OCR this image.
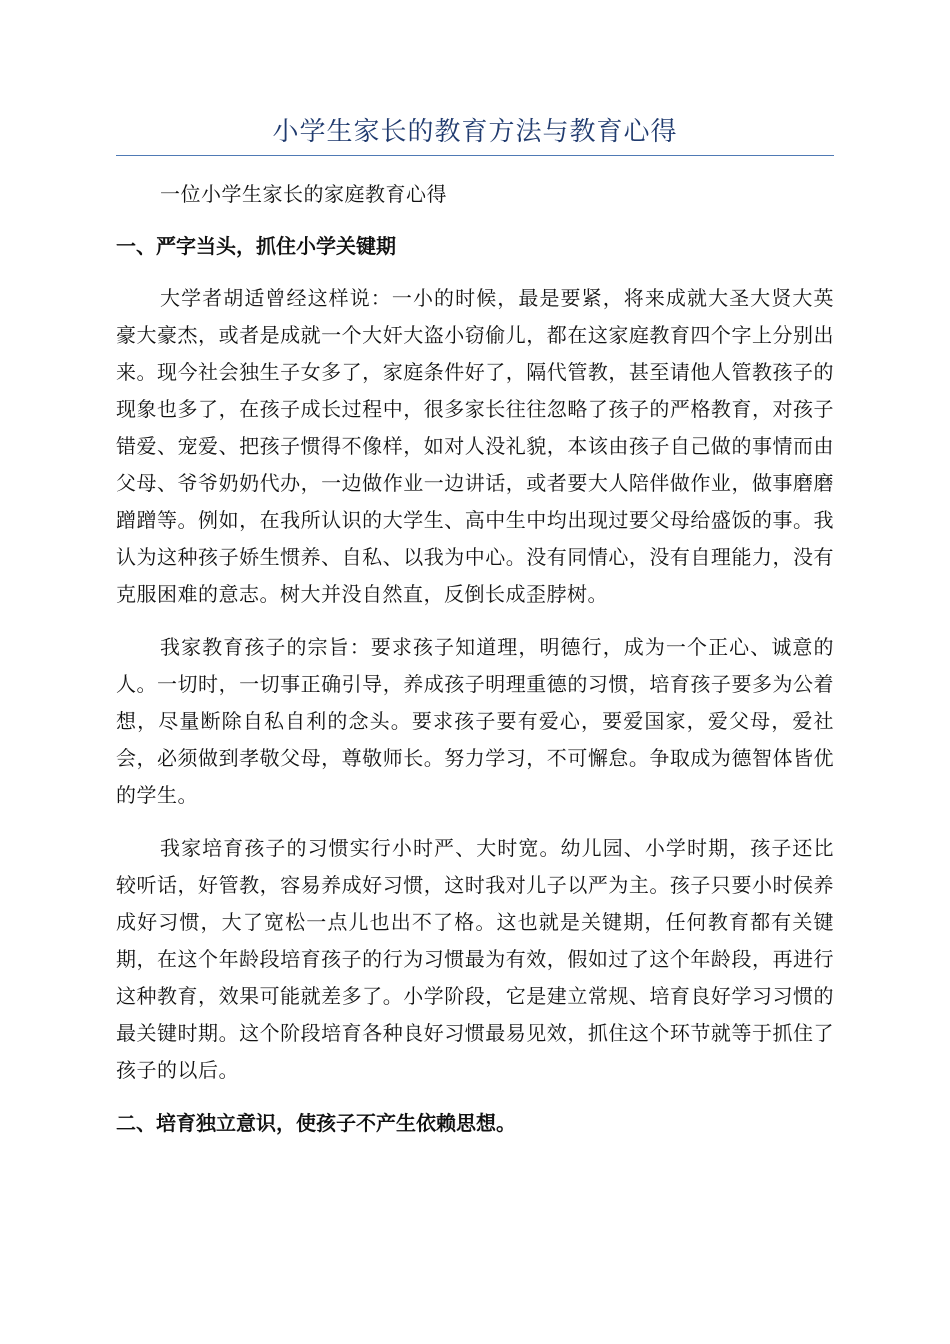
小学生家长的教育方法与教育心得

一位小学生家长的家庭教育心得

一、严字当头，抓住小学关键期

大学者胡适曾经这样说：一小的时候，最是要紧，将来成就大圣大贤大英豪大豪杰，或者是成就一个大奸大盗小窃偷儿，都在这家庭教育四个字上分别出来。现今社会独生子女多了，家庭条件好了，隔代管教，甚至请他人管教孩子的现象也多了，在孩子成长过程中，很多家长往往忽略了孩子的严格教育，对孩子错爱、宠爱、把孩子惯得不像样，如对人没礼貌，本该由孩子自己做的事情而由父母、爷爷奶奶代办，一边做作业一边讲话，或者要大人陪伴做作业，做事磨磨蹭蹭等。例如，在我所认识的大学生、高中生中均出现过要父母给盛饭的事。我认为这种孩子娇生惯养、自私、以我为中心。没有同情心，没有自理能力，没有克服困难的意志。树大并没自然直，反倒长成歪脖树。

我家教育孩子的宗旨：要求孩子知道理，明德行，成为一个正心、诚意的人。一切时，一切事正确引导，养成孩子明理重德的习惯，培育孩子要多为公着想，尽量断除自私自利的念头。要求孩子要有爱心，要爱国家，爱父母，爱社会，必须做到孝敬父母，尊敬师长。努力学习，不可懈怠。争取成为德智体皆优的学生。

我家培育孩子的习惯实行小时严、大时宽。幼儿园、小学时期，孩子还比较听话，好管教，容易养成好习惯，这时我对儿子以严为主。孩子只要小时侯养成好习惯，大了宽松一点儿也出不了格。这也就是关键期，任何教育都有关键期，在这个年龄段培育孩子的行为习惯最为有效，假如过了这个年龄段，再进行这种教育，效果可能就差多了。小学阶段，它是建立常规、培育良好学习习惯的最关键时期。这个阶段培育各种良好习惯最易见效，抓住这个环节就等于抓住了孩子的以后。

二、培育独立意识，使孩子不产生依赖思想。
